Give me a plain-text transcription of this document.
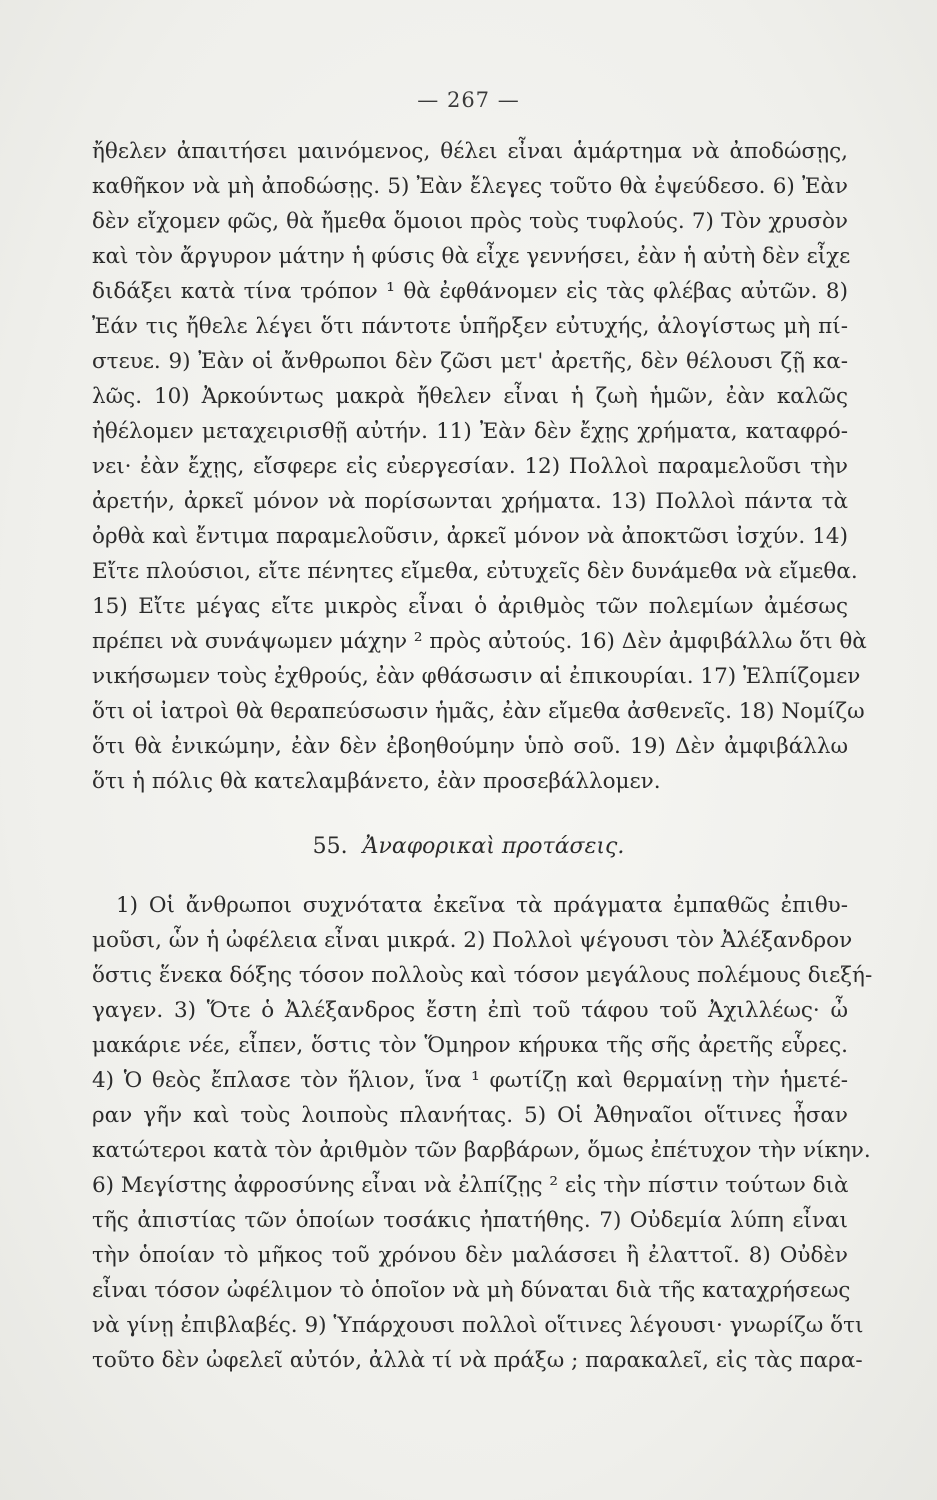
— 267 —
ἤθελεν ἀπαιτήσει μαινόμενος, θέλει εἶναι ἁμάρτημα νὰ ἀποδώσῃς,
καθῆκον νὰ μὴ ἀποδώσῃς. 5) Ἐὰν ἔλεγες τοῦτο θὰ ἐψεύδεσο. 6) Ἐὰν
δὲν εἴχομεν φῶς, θὰ ἤμεθα ὅμοιοι πρὸς τοὺς τυφλούς. 7) Τὸν χρυσὸν
καὶ τὸν ἄργυρον μάτην ἡ φύσις θὰ εἶχε γεννήσει, ἐὰν ἡ αὐτὴ δὲν εἶχε
διδάξει κατὰ τίνα τρόπον ¹ θὰ ἐφθάνομεν εἰς τὰς φλέβας αὐτῶν. 8)
Ἐάν τις ἤθελε λέγει ὅτι πάντοτε ὑπῆρξεν εὐτυχής, ἀλογίστως μὴ πί-
στευε. 9) Ἐὰν οἱ ἄνθρωποι δὲν ζῶσι μετ' ἀρετῆς, δὲν θέλουσι ζῇ κα-
λῶς. 10) Ἀρκούντως μακρὰ ἤθελεν εἶναι ἡ ζωὴ ἡμῶν, ἐὰν καλῶς
ἠθέλομεν μεταχειρισθῇ αὐτήν. 11) Ἐὰν δὲν ἔχῃς χρήματα, καταφρό-
νει· ἐὰν ἔχῃς, εἴσφερε εἰς εὐεργεσίαν. 12) Πολλοὶ παραμελοῦσι τὴν
ἀρετήν, ἀρκεῖ μόνον νὰ πορίσωνται χρήματα. 13) Πολλοὶ πάντα τὰ
ὀρθὰ καὶ ἔντιμα παραμελοῦσιν, ἀρκεῖ μόνον νὰ ἀποκτῶσι ἰσχύν. 14)
Εἴτε πλούσιοι, εἴτε πένητες εἴμεθα, εὐτυχεῖς δὲν δυνάμεθα νὰ εἴμεθα.
15) Εἴτε μέγας εἴτε μικρὸς εἶναι ὁ ἀριθμὸς τῶν πολεμίων ἀμέσως
πρέπει νὰ συνάψωμεν μάχην ² πρὸς αὐτούς. 16) Δὲν ἀμφιβάλλω ὅτι θὰ
νικήσωμεν τοὺς ἐχθρούς, ἐὰν φθάσωσιν αἱ ἐπικουρίαι. 17) Ἐλπίζομεν
ὅτι οἱ ἰατροὶ θὰ θεραπεύσωσιν ἡμᾶς, ἐὰν εἴμεθα ἀσθενεῖς. 18) Νομίζω
ὅτι θὰ ἐνικώμην, ἐὰν δὲν ἐβοηθούμην ὑπὸ σοῦ. 19) Δὲν ἀμφιβάλλω
ὅτι ἡ πόλις θὰ κατελαμβάνετο, ἐὰν προσεβάλλομεν.
55. Ἀναφορικαὶ προτάσεις.
1) Οἱ ἄνθρωποι συχνότατα ἐκεῖνα τὰ πράγματα ἐμπαθῶς ἐπιθυ-
μοῦσι, ὧν ἡ ὠφέλεια εἶναι μικρά. 2) Πολλοὶ ψέγουσι τὸν Ἀλέξανδρον
ὅστις ἕνεκα δόξης τόσον πολλοὺς καὶ τόσον μεγάλους πολέμους διεξή-
γαγεν. 3) Ὅτε ὁ Ἀλέξανδρος ἔστη ἐπὶ τοῦ τάφου τοῦ Ἀχιλλέως· ὦ
μακάριε νέε, εἶπεν, ὅστις τὸν Ὅμηρον κήρυκα τῆς σῆς ἀρετῆς εὗρες.
4) Ὁ θεὸς ἔπλασε τὸν ἥλιον, ἵνα ¹ φωτίζῃ καὶ θερμαίνῃ τὴν ἡμετέ-
ραν γῆν καὶ τοὺς λοιποὺς πλανήτας. 5) Οἱ Ἀθηναῖοι οἵτινες ἦσαν
κατώτεροι κατὰ τὸν ἀριθμὸν τῶν βαρβάρων, ὅμως ἐπέτυχον τὴν νίκην.
6) Μεγίστης ἀφροσύνης εἶναι νὰ ἐλπίζῃς ² εἰς τὴν πίστιν τούτων διὰ
τῆς ἀπιστίας τῶν ὁποίων τοσάκις ἠπατήθης. 7) Οὐδεμία λύπη εἶναι
τὴν ὁποίαν τὸ μῆκος τοῦ χρόνου δὲν μαλάσσει ἢ ἐλαττοῖ. 8) Οὐδὲν
εἶναι τόσον ὠφέλιμον τὸ ὁποῖον νὰ μὴ δύναται διὰ τῆς καταχρήσεως
νὰ γίνῃ ἐπιβλαβές. 9) Ὑπάρχουσι πολλοὶ οἵτινες λέγουσι· γνωρίζω ὅτι
τοῦτο δὲν ὠφελεῖ αὐτόν, ἀλλὰ τί νὰ πράξω ; παρακαλεῖ, εἰς τὰς παρα-
